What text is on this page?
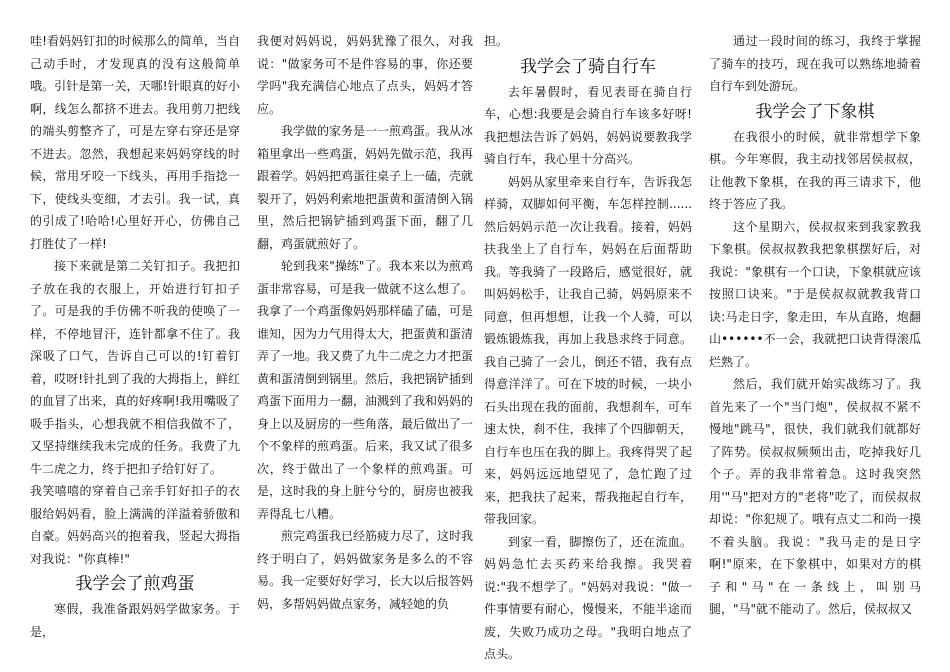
哇!看妈妈钉扣的时候那么的简单，当自己动手时，才发现真的没有这般简单哦。引针是第一关，天哪!针眼真的好小啊，线怎么都挤不进去。我用剪刀把线的端头剪整齐了，可是左穿右穿还是穿不进去。忽然，我想起来妈妈穿线的时候，常用牙咬一下线头，再用手指捻一下，使线头变细，才去引。我一试，真的引成了!哈哈!心里好开心，仿佛自己打胜仗了一样!

接下来就是第二关钉扣子。我把扣子放在我的衣服上，开始进行钉扣子了。可是我的手仿佛不听我的使唤了一样，不停地冒汗，连针都拿不住了。我深吸了口气，告诉自己可以的!钉着钉着，哎呀!针扎到了我的大拇指上，鲜红的血冒了出来，真的好疼啊!我用嘴吸了吸手指头，心想我就不相信我做不了，又坚持继续我未完成的任务。我费了九牛二虎之力，终于把扣子给钉好了。

我笑嘻嘻的穿着自己亲手钉好扣子的衣服给妈妈看，脸上满满的洋溢着骄傲和自豪。妈妈高兴的抱着我，竖起大拇指对我说："你真棒!"

我学会了煎鸡蛋

寒假，我准备跟妈妈学做家务。于是，

我便对妈妈说，妈妈犹豫了很久，对我说："做家务可不是件容易的事，你还要学吗"我充满信心地点了点头，妈妈才答应。

我学做的家务是一一煎鸡蛋。我从冰箱里拿出一些鸡蛋，妈妈先做示范，我再跟着学。妈妈把鸡蛋往桌子上一磕，壳就裂开了，妈妈利索地把蛋黄和蛋清倒入锅里，然后把锅铲插到鸡蛋下面，翻了几翻，鸡蛋就煎好了。

轮到我来"操练"了。我本来以为煎鸡蛋非常容易，可是我一做就不这么想了。我拿了一个鸡蛋像妈妈那样磕了磕，可是谁知，因为力气用得太大，把蛋黄和蛋清弄了一地。我又费了九牛二虎之力才把蛋黄和蛋清倒到锅里。然后，我把锅铲插到鸡蛋下面用力一翻，油溅到了我和妈妈的身上以及厨房的一些角落，最后做出了一个不象样的煎鸡蛋。后来，我又试了很多次，终于做出了一个象样的煎鸡蛋。可是，这时我的身上脏兮兮的，厨房也被我弄得乱七八糟。

煎完鸡蛋我已经筋疲力尽了，这时我终于明白了，妈妈做家务是多么的不容易。我一定要好好学习，长大以后报答妈妈，多帮妈妈做点家务，减轻她的负

担。

我学会了骑自行车

去年暑假时，看见表哥在骑自行车，心想:我要是会骑自行车该多好呀!我把想法告诉了妈妈，妈妈说要教我学骑自行车，我心里十分高兴。

妈妈从家里牵来自行车，告诉我怎样骑，双脚如何平衡，车怎样控制......然后妈妈示范一次让我看。接着，妈妈扶我坐上了自行车，妈妈在后面帮助我。等我骑了一段路后，感觉很好，就叫妈妈松手，让我自己骑，妈妈原来不同意，但再想想，让我一个人骑，可以锻炼锻炼我，再加上我恳求终于同意。我自己骑了一会儿，倒还不错，我有点得意洋洋了。可在下坡的时候，一块小石头出现在我的面前，我想刹车，可车速太快，刹不住，我摔了个四脚朝天，自行车也压在我的脚上。我疼得哭了起来，妈妈远远地望见了，急忙跑了过来，把我扶了起来，帮我拖起自行车，带我回家。

到家一看，脚擦伤了，还在流血。妈妈急忙去买药来给我擦。我哭着说:"我不想学了。"妈妈对我说："做一件事情要有耐心，慢慢来，不能半途而废，失败乃成功之母。"我明白地点了点头。

通过一段时间的练习，我终于掌握了骑车的技巧，现在我可以熟练地骑着自行车到处游玩。

我学会了下象棋

在我很小的时候，就非常想学下象棋。今年寒假，我主动找邻居侯叔叔，让他教下象棋，在我的再三请求下，他终于答应了我。

这个星期六，侯叔叔来到我家教我下象棋。侯叔叔教我把象棋摆好后，对我说："象棋有一个口诀，下象棋就应该按照口诀来。"于是侯叔叔就教我背口诀:马走日字，象走田，车从直路，炮翻山••••••不一会，我就把口诀背得滚瓜烂熟了。

然后，我们就开始实战练习了。我首先来了一个"当门炮"，侯叔叔不紧不慢地"跳马"，很快，我们就我们就都好了阵势。侯叔叔频频出击，吃掉我好几个子。弄的我非常着急。这时我突然用'"马"把对方的"老将"吃了，而侯叔叔却说："你犯规了。哦有点丈二和尚一摸不着头脑。我说："我马走的是日字啊!"原来，在下象棋中，如果对方的棋子和"马"在一条线上，叫别马腿，"马"就不能动了。然后，侯叔叔又
